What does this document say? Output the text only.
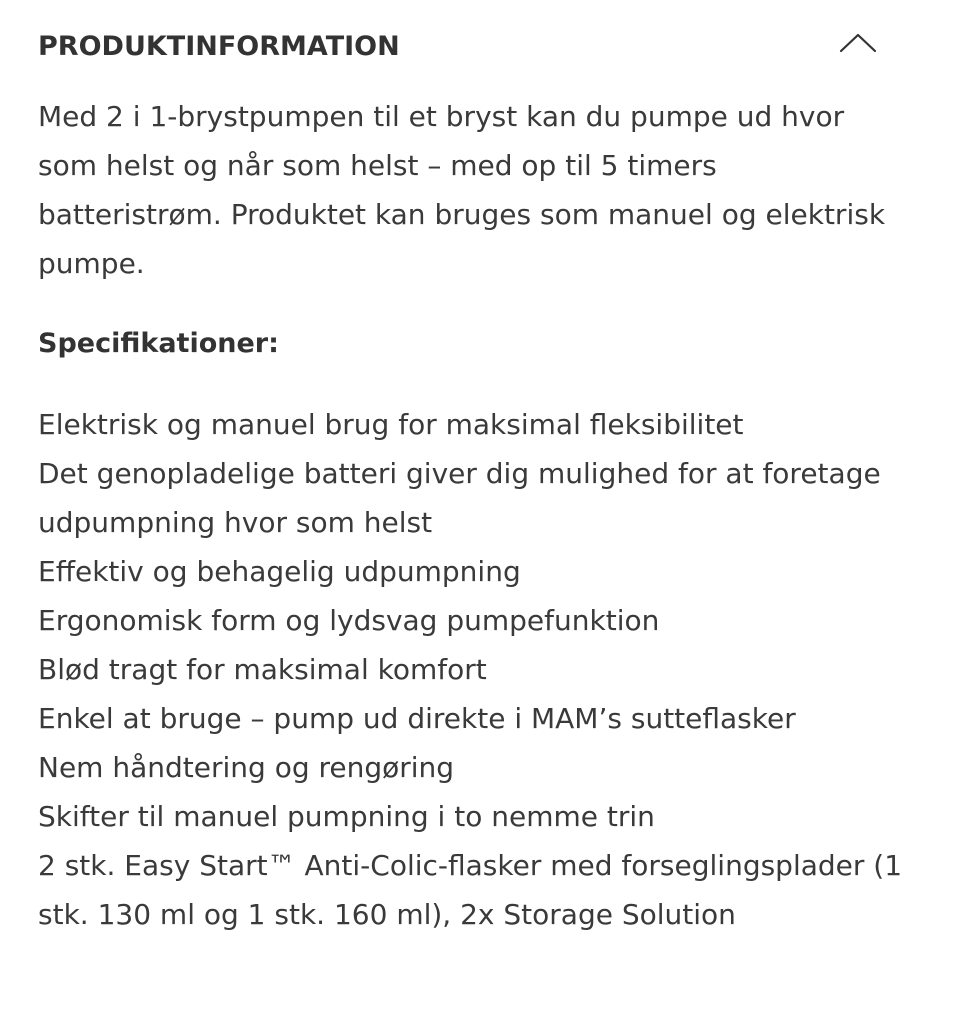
PRODUKTINFORMATION

Med 2 i 1-brystpumpen til et bryst kan du pumpe ud hvor som helst og når som helst – med op til 5 timers batteristrøm. Produktet kan bruges som manuel og elektrisk pumpe.

Specifikationer:
Elektrisk og manuel brug for maksimal fleksibilitet
Det genopladelige batteri giver dig mulighed for at foretage udpumpning hvor som helst
Effektiv og behagelig udpumpning
Ergonomisk form og lydsvag pumpefunktion
Blød tragt for maksimal komfort
Enkel at bruge – pump ud direkte i MAM’s sutteflasker
Nem håndtering og rengøring
Skifter til manuel pumpning i to nemme trin
2 stk. Easy Start™ Anti-Colic-flasker med forseglingsplader (1 stk. 130 ml og 1 stk. 160 ml), 2x Storage Solution
